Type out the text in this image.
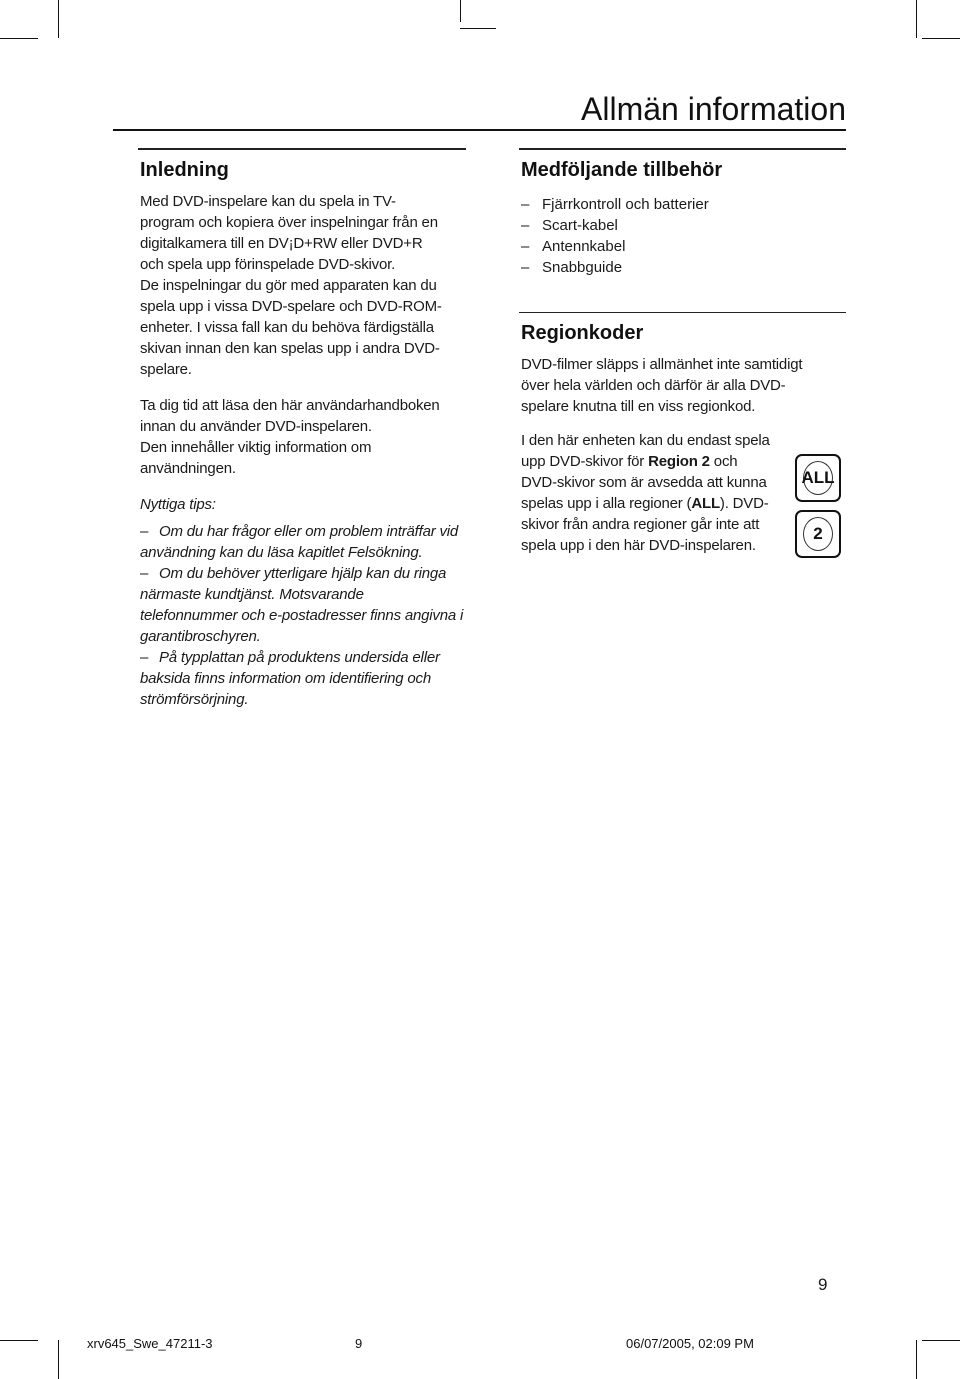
Allmän information
Inledning
Med DVD-inspelare kan du spela in TV-
program och kopiera över inspelningar från en
digitalkamera till en DV¡D+RW eller DVD+R
och spela upp förinspelade DVD-skivor.
De inspelningar du gör med apparaten kan du
spela upp i vissa DVD-spelare och DVD-ROM-
enheter. I vissa fall kan du behöva färdigställa
skivan innan den kan spelas upp i andra DVD-
spelare.
Ta dig tid att läsa den här användarhandboken
innan du använder DVD-inspelaren.
Den innehåller viktig information om
användningen.
Nyttiga tips:
– Om du har frågor eller om problem inträffar vid
användning kan du läsa kapitlet Felsökning.
– Om du behöver ytterligare hjälp kan du ringa
närmaste kundtjänst. Motsvarande
telefonnummer och e-postadresser finns angivna i
garantibroschyren.
– På typplattan på produktens undersida eller
baksida finns information om identifiering och
strömförsörjning.
Medföljande tillbehör
– Fjärrkontroll och batterier
– Scart-kabel
– Antennkabel
– Snabbguide
Regionkoder
DVD-filmer släpps i allmänhet inte samtidigt
över hela världen och därför är alla DVD-
spelare knutna till en viss regionkod.
I den här enheten kan du endast spela
upp DVD-skivor för Region 2 och
DVD-skivor som är avsedda att kunna
spelas upp i alla regioner (ALL). DVD-
skivor från andra regioner går inte att
spela upp i den här DVD-inspelaren.
ALL
2
9
xrv645_Swe_47211-3	9	06/07/2005, 02:09 PM
